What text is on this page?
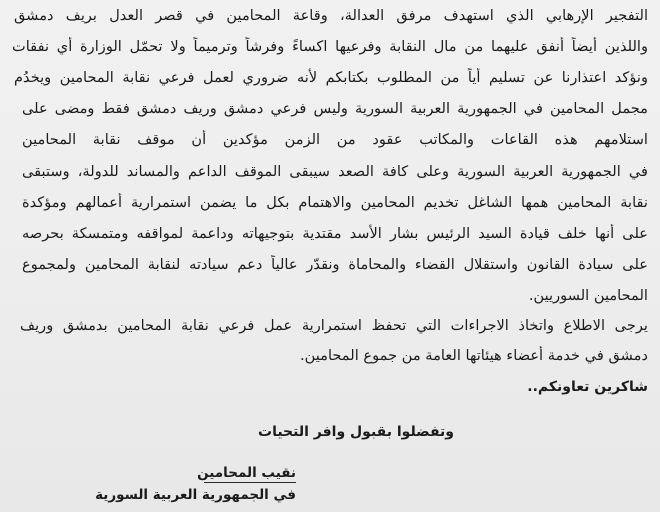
التفجير الإرهابي الذي استهدف مرفق العدالة، وقاعة المحامين في قصر العدل بريف دمشق
واللذين أيضاً أنفق عليهما من مال النقابة وفرعيها اكساءً وفرشاً وترميماً ولا تحمّل الوزارة أي نفقات
ونؤكد اعتذارنا عن تسليم أياً من المطلوب بكتابكم لأنه ضروري لعمل فرعي نقابة المحامين ويخدُم
مجمل المحامين في الجمهورية العربية السورية وليس فرعي دمشق وريف دمشق فقط ومضى على
استلامهم هذه القاعات والمكاتب عقود من الزمن مؤكدين أن موقف نقابة المحامين
في الجمهورية العربية السورية وعلى كافة الصعد سيبقى الموقف الداعم والمساند للدولة، وستبقى
نقابة المحامين همها الشاغل تخديم المحامين والاهتمام بكل ما يضمن استمرارية أعمالهم ومؤكدة
على أنها خلف قيادة السيد الرئيس بشار الأسد مقتدية بتوجيهاته وداعمة لمواقفه ومتمسكة بحرصه
على سيادة القانون واستقلال القضاء والمحاماة ونقدّر عالياً دعم سيادته لنقابة المحامين ولمجموع
المحامين السوريين.
يرجى الاطلاع واتخاذ الاجراءات التي تحفظ استمرارية عمل فرعي نقابة المحامين بدمشق وريف
دمشق في خدمة أعضاء هيئاتها العامة من جموع المحامين.
شاكرين تعاونكم..
وتفضلوا بقبول وافر التحيات
نقيب المحامين
في الجمهورية العربية السورية
